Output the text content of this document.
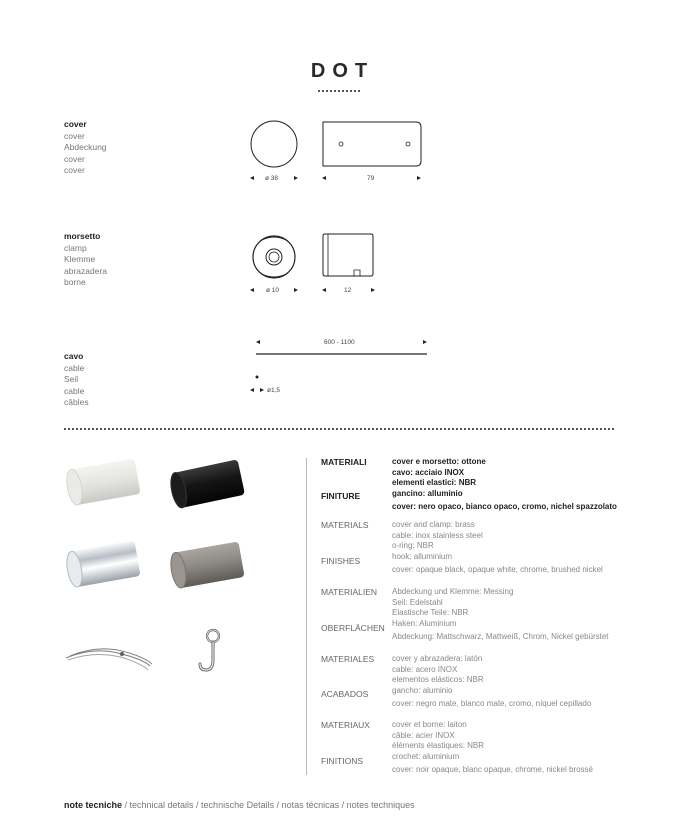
DOT
cover
cover
Abdeckung
cover
cover
ø 38	79
morsetto
clamp
Klemme
abrazadera
borne
ø 10	12
cavo
cable
Seil
cable
câbles
600 - 1100
ø1,5
MATERIALI
FINITURE
cover e morsetto: ottone
cavo: acciaio INOX
elementi elastici: NBR
gancino: alluminio
cover: nero opaco, bianco opaco, cromo, nichel spazzolato
MATERIALS
FINISHES
cover and clamp: brass
cable: inox stainless steel
o-ring: NBR
hook: alluminium
cover: opaque black, opaque white, chrome, brushed nickel
MATERIALIEN
OBERFLÄCHEN
Abdeckung und Klemme: Messing
Seil: Edelstahl
Elastische Teile: NBR
Haken: Aluminium
Abdeckung: Mattschwarz, Mattweiß, Chrom, Nickel gebürstet
MATERIALES
ACABADOS
cover y abrazadera: latón
cable: acero INOX
elementos elásticos: NBR
gancho: aluminio
cover: negro mate, blanco mate, cromo, níquel cepillado
MATERIAUX
FINITIONS
cover et borne: laiton
câble: acier INOX
éléments élastiques: NBR
crochet: aluminium
cover: noir opaque, blanc opaque, chrome, nickel brossé
note tecniche / technical details / technische Details / notas técnicas / notes techniques
